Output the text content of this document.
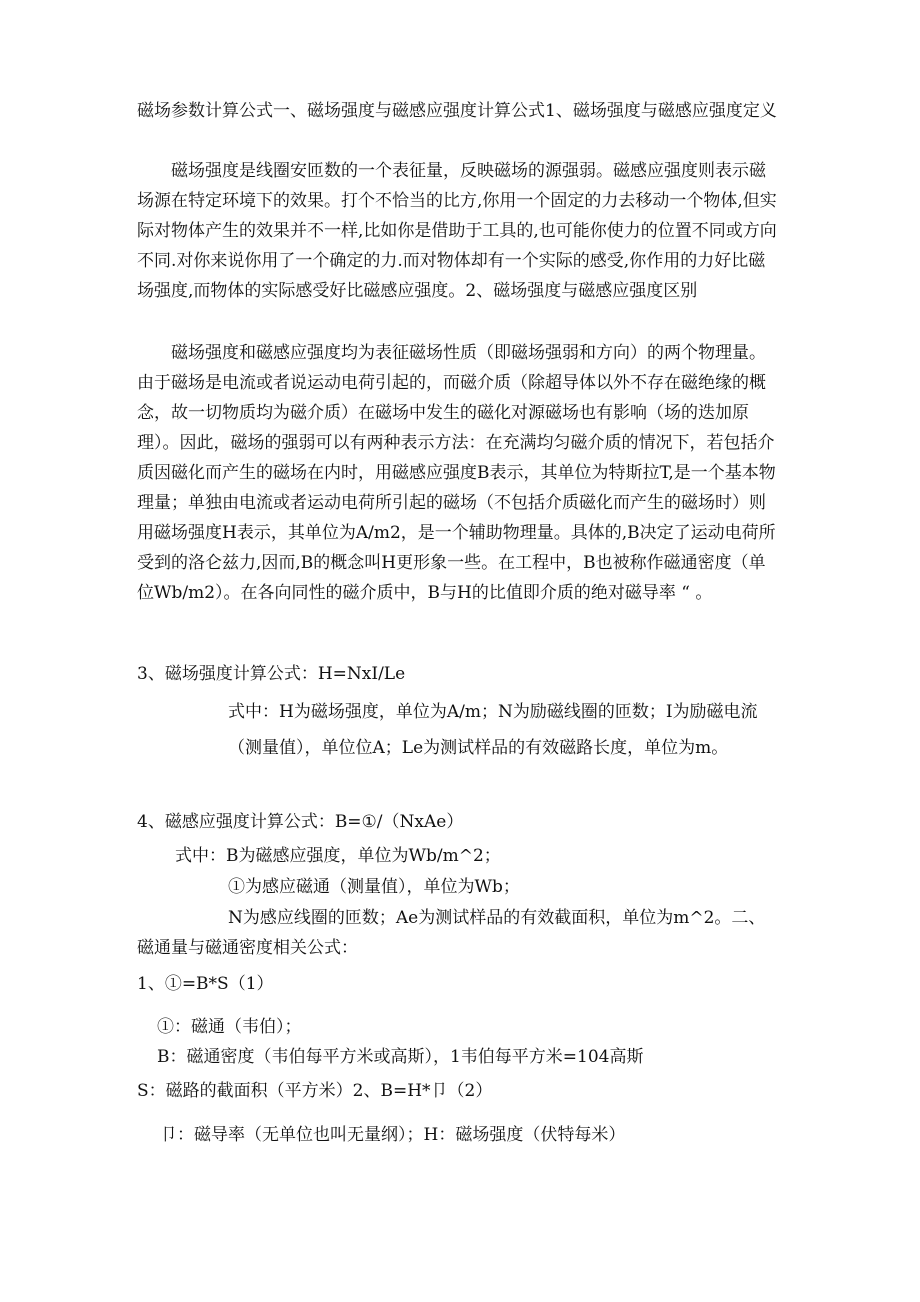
磁场参数计算公式一、磁场强度与磁感应强度计算公式1、磁场强度与磁感应强度定义

磁场强度是线圈安匝数的一个表征量，反映磁场的源强弱。磁感应强度则表示磁场源在特定环境下的效果。打个不恰当的比方,你用一个固定的力去移动一个物体,但实际对物体产生的效果并不一样,比如你是借助于工具的,也可能你使力的位置不同或方向不同.对你来说你用了一个确定的力.而对物体却有一个实际的感受,你作用的力好比磁场强度,而物体的实际感受好比磁感应强度。2、磁场强度与磁感应强度区别

磁场强度和磁感应强度均为表征磁场性质（即磁场强弱和方向）的两个物理量。由于磁场是电流或者说运动电荷引起的，而磁介质（除超导体以外不存在磁绝缘的概念，故一切物质均为磁介质）在磁场中发生的磁化对源磁场也有影响（场的迭加原理）。因此，磁场的强弱可以有两种表示方法：在充满均匀磁介质的情况下，若包括介质因磁化而产生的磁场在内时，用磁感应强度B表示，其单位为特斯拉T,是一个基本物理量；单独由电流或者运动电荷所引起的磁场（不包括介质磁化而产生的磁场时）则用磁场强度H表示，其单位为A/m2，是一个辅助物理量。具体的,B决定了运动电荷所受到的洛仑兹力,因而,B的概念叫H更形象一些。在工程中，B也被称作磁通密度（单位Wb/m2）。在各向同性的磁介质中，B与H的比值即介质的绝对磁导率 “ 。

3、磁场强度计算公式：H=NxI/Le

式中：H为磁场强度，单位为A/m；N为励磁线圈的匝数；I为励磁电流（测量值），单位位A；Le为测试样品的有效磁路长度，单位为m。

4、磁感应强度计算公式：B=①/（NxAe）

式中：B为磁感应强度，单位为Wb/m^2；

①为感应磁通（测量值），单位为Wb；

N为感应线圈的匝数；Ae为测试样品的有效截面积，单位为m^2。二、

磁通量与磁通密度相关公式：

1、①=B*S（1）

①：磁通（韦伯）；

B：磁通密度（韦伯每平方米或高斯），1韦伯每平方米=104高斯

S：磁路的截面积（平方米）2、B=H*卩（2）

卩：磁导率（无单位也叫无量纲）；H：磁场强度（伏特每米）
